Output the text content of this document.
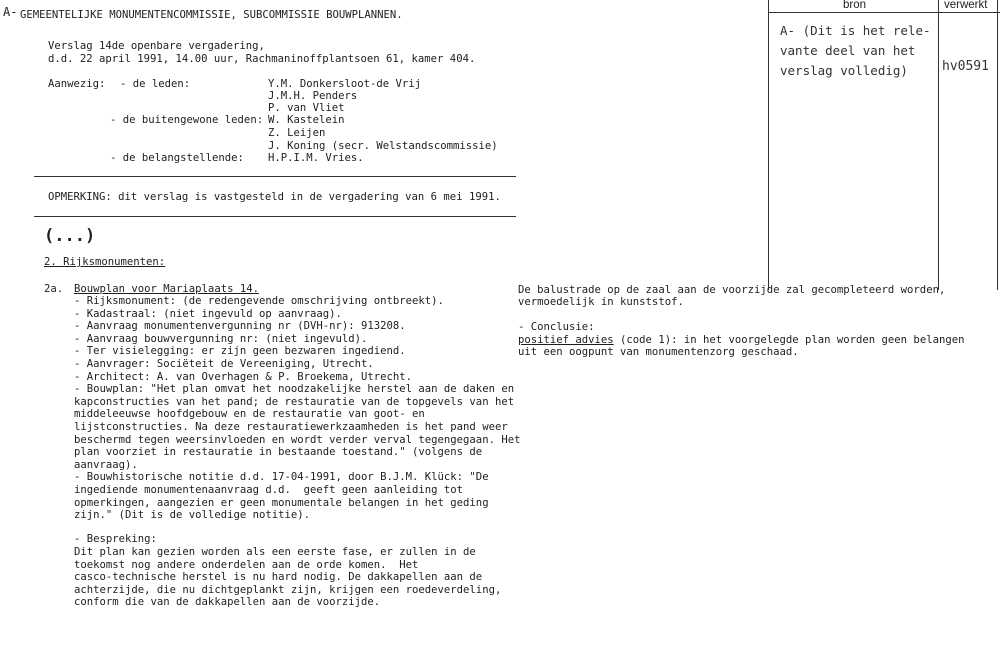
bron	verwerkt
A- (Dit is het rele-
vante deel van het
verslag volledig)	hv0591
A- GEMEENTELIJKE MONUMENTENCOMMISSIE, SUBCOMMISSIE BOUWPLANNEN.
Verslag 14de openbare vergadering,
d.d. 22 april 1991, 14.00 uur, Rachmaninoffplantsoen 61, kamer 404.
Aanwezig: - de leden:	Y.M. Donkersloot-de Vrij
J.M.H. Penders
P. van Vliet
- de buitengewone leden: W. Kastelein
Z. Leijen
J. Koning (secr. Welstandscommissie)
- de belangstellende: H.P.I.M. Vries.
OPMERKING: dit verslag is vastgesteld in de vergadering van 6 mei 1991.
(...)
2. Rijksmonumenten:
2a. Bouwplan voor Mariaplaats 14.
- Rijksmonument: (de redengevende omschrijving ontbreekt).
- Kadastraal: (niet ingevuld op aanvraag).
- Aanvraag monumentenvergunning nr (DVH-nr): 913208.
- Aanvraag bouwvergunning nr: (niet ingevuld).
- Ter visielegging: er zijn geen bezwaren ingediend.
- Aanvrager: Sociëteit de Vereeniging, Utrecht.
- Architect: A. van Overhagen & P. Broekema, Utrecht.
- Bouwplan: "Het plan omvat het noodzakelijke herstel aan de daken en
kapconstructies van het pand; de restauratie van de topgevels van het
middeleeuwse hoofdgebouw en de restauratie van goot- en
lijstconstructies. Na deze restauratiewerkzaamheden is het pand weer
beschermd tegen weersinvloeden en wordt verder verval tegengegaan. Het
plan voorziet in restauratie in bestaande toestand." (volgens de
aanvraag).
- Bouwhistorische notitie d.d. 17-04-1991, door B.J.M. Klück: "De
ingediende monumentenaanvraag d.d.  geeft geen aanleiding tot
opmerkingen, aangezien er geen monumentale belangen in het geding
zijn." (Dit is de volledige notitie).
- Bespreking:
Dit plan kan gezien worden als een eerste fase, er zullen in de
toekomst nog andere onderdelen aan de orde komen.  Het
casco-technische herstel is nu hard nodig. De dakkapellen aan de
achterzijde, die nu dichtgeplankt zijn, krijgen een roedeverdeling,
conform die van de dakkapellen aan de voorzijde.
De balustrade op de zaal aan de voorzijde zal gecompleteerd worden,
vermoedelijk in kunststof.
- Conclusie:
positief advies (code 1): in het voorgelegde plan worden geen belangen
uit een oogpunt van monumentenzorg geschaad.
